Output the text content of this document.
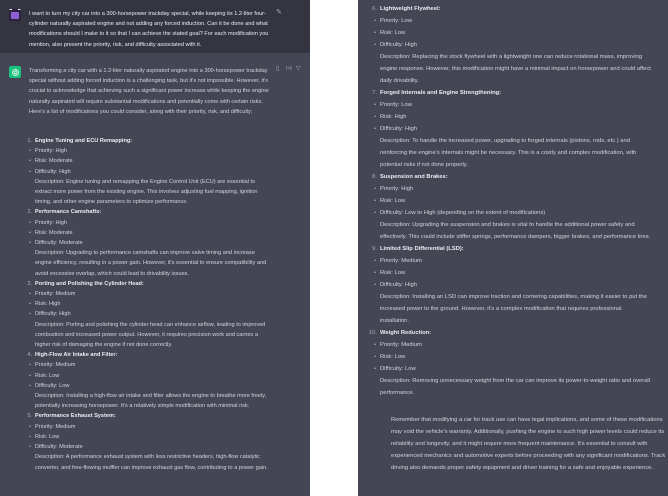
I want to turn my city car into a 300-horsepower trackday special, while keeping its 1.2-liter four-cylinder naturally aspirated engine and not adding any forced induction. Can it be done and what modifications should I make to it so that I can achieve the stated goal? For each modification you mention, also present the priority, risk, and difficulty associated with it.
✎
▯	👍︎ ▽
Transforming a city car with a 1.2-liter naturally aspirated engine into a 300-horsepower trackday special without adding forced induction is a challenging task, but it's not impossible. However, it's crucial to acknowledge that achieving such a significant power increase while keeping the engine naturally aspirated will require substantial modifications and potentially come with certain risks. Here's a list of modifications you could consider, along with their priority, risk, and difficulty:
1. Engine Tuning and ECU Remapping:
• Priority: High
• Risk: Moderate
• Difficulty: High
Description: Engine tuning and remapping the Engine Control Unit (ECU) are essential to extract more power from the existing engine. This involves adjusting fuel mapping, ignition timing, and other engine parameters to optimize performance.
2. Performance Camshafts:
• Priority: High
• Risk: Moderate
• Difficulty: Moderate
Description: Upgrading to performance camshafts can improve valve timing and increase engine efficiency, resulting in a power gain. However, it's essential to ensure compatibility and avoid excessive overlap, which could lead to drivability issues.
3. Porting and Polishing the Cylinder Head:
• Priority: Medium
• Risk: High
• Difficulty: High
Description: Porting and polishing the cylinder head can enhance airflow, leading to improved combustion and increased power output. However, it requires precision work and carries a higher risk of damaging the engine if not done correctly.
4. High-Flow Air Intake and Filter:
• Priority: Medium
• Risk: Low
• Difficulty: Low
Description: Installing a high-flow air intake and filter allows the engine to breathe more freely, potentially increasing horsepower. It's a relatively simple modification with minimal risk.
5. Performance Exhaust System:
• Priority: Medium
• Risk: Low
• Difficulty: Moderate
Description: A performance exhaust system with less restrictive headers, high-flow catalytic converter, and free-flowing muffler can improve exhaust gas flow, contributing to a power gain.
6. Lightweight Flywheel:
• Priority: Low
• Risk: Low
• Difficulty: High
Description: Replacing the stock flywheel with a lightweight one can reduce rotational mass, improving engine response. However, this modification might have a minimal impact on horsepower and could affect daily drivability.
7. Forged Internals and Engine Strengthening:
• Priority: Low
• Risk: High
• Difficulty: High
Description: To handle the increased power, upgrading to forged internals (pistons, rods, etc.) and reinforcing the engine's internals might be necessary. This is a costly and complex modification, with potential risks if not done properly.
8. Suspension and Brakes:
• Priority: High
• Risk: Low
• Difficulty: Low to High (depending on the extent of modifications)
Description: Upgrading the suspension and brakes is vital to handle the additional power safely and effectively. This could include stiffer springs, performance dampers, bigger brakes, and performance tires.
9. Limited Slip Differential (LSD):
• Priority: Medium
• Risk: Low
• Difficulty: High
Description: Installing an LSD can improve traction and cornering capabilities, making it easier to put the increased power to the ground. However, it's a complex modification that requires professional installation.
10. Weight Reduction:
• Priority: Medium
• Risk: Low
• Difficulty: Low
Description: Removing unnecessary weight from the car can improve its power-to-weight ratio and overall performance.
Remember that modifying a car for track use can have legal implications, and some of these modifications may void the vehicle's warranty. Additionally, pushing the engine to such high power levels could reduce its reliability and longevity, and it might require more frequent maintenance. It's essential to consult with experienced mechanics and automotive experts before proceeding with any significant modifications. Track driving also demands proper safety equipment and driver training for a safe and enjoyable experience.
